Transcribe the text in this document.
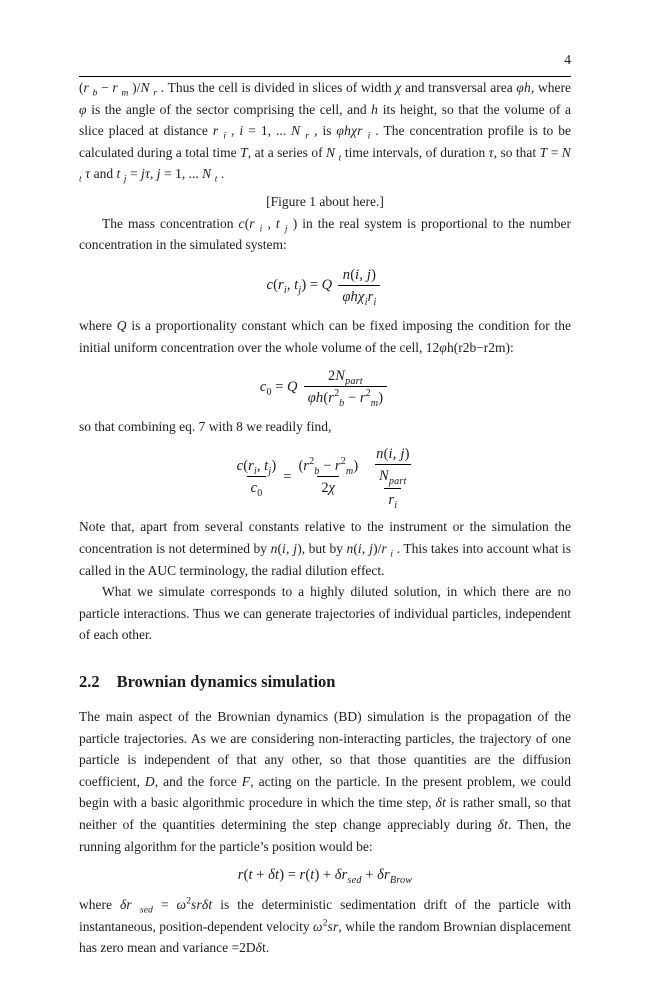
4

(r $_b$ − r $_m$ )/N $_r$ . Thus the cell is divided in slices of width χ and transversal area φh, where φ is the angle of the sector comprising the cell, and h its height, so that the volume of a slice placed at distance r $_i$ , i = 1, ... N $_r$ , is φhχr $_i$ . The concentration profile is to be calculated during a total time T, at a series of N $_t$ time intervals, of duration τ, so that T = N $_t$ τ and t $_j$ = jτ, j = 1, ... N $_t$ .

[Figure 1 about here.]

The mass concentration c(r $_i$ , t $_j$ ) in the real system is proportional to the number concentration in the simulated system:

$c(r_i$, $t_j) = Q \frac{n(i, j)}{\varphi h\chi_ir_i}$

where Q is a proportionality constant which can be fixed imposing the condition for the initial uniform concentration over the whole volume of the cell, 12φh(r2b−r2m):

$c_0 = Q \frac{2N_{part}}{\varphi h(r^2_b - r^2_m)}$

so that combining eq. 7 with 8 we readily find,

$\frac{c(r_i, t_j)}{c_0} = \frac{(r^2_b - r^2_m)}{2\chi} \frac{\frac{n(i, j)}{N_{part}}}{r_i}$

Note that, apart from several constants relative to the instrument or the simulation the concentration is not determined by n(i, j), but by n(i, j)/r $_i$ . This takes into account what is called in the AUC terminology, the radial dilution effect.

What we simulate corresponds to a highly diluted solution, in which there are no particle interactions. Thus we can generate trajectories of individual particles, independent of each other.

2.2 Brownian dynamics simulation

The main aspect of the Brownian dynamics (BD) simulation is the propagation of the particle trajectories. As we are considering non-interacting particles, the trajectory of one particle is independent of that any other, so that those quantities are the diffusion coefficient, D, and the force F, acting on the particle. In the present problem, we could begin with a basic algorithmic procedure in which the time step, δt is rather small, so that neither of the quantities determining the step change appreciably during δt. Then, the running algorithm for the particle’s position would be:

$r(t + \delta t) = r(t) + \delta r_{sed} + \delta r_{Brow}$

where δr $_{sed} = \omega^2sr\delta t$ is the deterministic sedimentation drift of the particle with instantaneous, position-dependent velocity $\omega^2sr$, while the random Brownian displacement has zero mean and variance =2Dδt.
